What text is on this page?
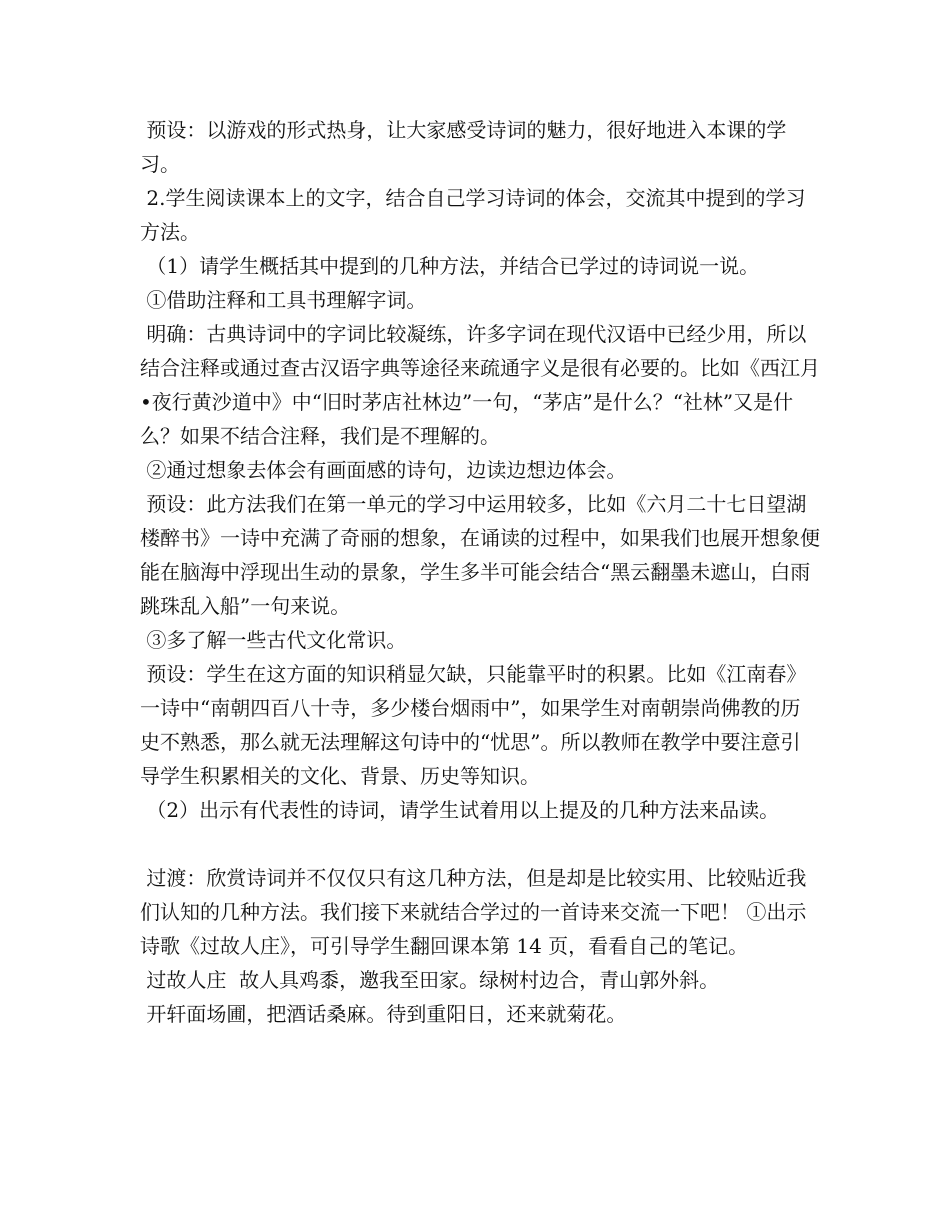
预设：以游戏的形式热身，让大家感受诗词的魅力，很好地进入本课的学习。

2.学生阅读课本上的文字，结合自己学习诗词的体会，交流其中提到的学习方法。

（1）请学生概括其中提到的几种方法，并结合已学过的诗词说一说。

①借助注释和工具书理解字词。

明确：古典诗词中的字词比较凝练，许多字词在现代汉语中已经少用，所以结合注释或通过查古汉语字典等途径来疏通字义是很有必要的。比如《西江月•夜行黄沙道中》中“旧时茅店社林边”一句，“茅店”是什么？“社林”又是什么？如果不结合注释，我们是不理解的。

②通过想象去体会有画面感的诗句，边读边想边体会。

预设：此方法我们在第一单元的学习中运用较多，比如《六月二十七日望湖楼醉书》一诗中充满了奇丽的想象，在诵读的过程中，如果我们也展开想象便能在脑海中浮现出生动的景象，学生多半可能会结合“黑云翻墨未遮山，白雨跳珠乱入船”一句来说。

③多了解一些古代文化常识。

预设：学生在这方面的知识稍显欠缺，只能靠平时的积累。比如《江南春》一诗中“南朝四百八十寺，多少楼台烟雨中”，如果学生对南朝崇尚佛教的历史不熟悉，那么就无法理解这句诗中的“忧思”。所以教师在教学中要注意引导学生积累相关的文化、背景、历史等知识。

（2）出示有代表性的诗词，请学生试着用以上提及的几种方法来品读。

过渡：欣赏诗词并不仅仅只有这几种方法，但是却是比较实用、比较贴近我们认知的几种方法。我们接下来就结合学过的一首诗来交流一下吧！ ①出示诗歌《过故人庄》，可引导学生翻回课本第 14 页，看看自己的笔记。

过故人庄  故人具鸡黍，邀我至田家。绿树村边合，青山郭外斜。

开轩面场圃，把酒话桑麻。待到重阳日，还来就菊花。
